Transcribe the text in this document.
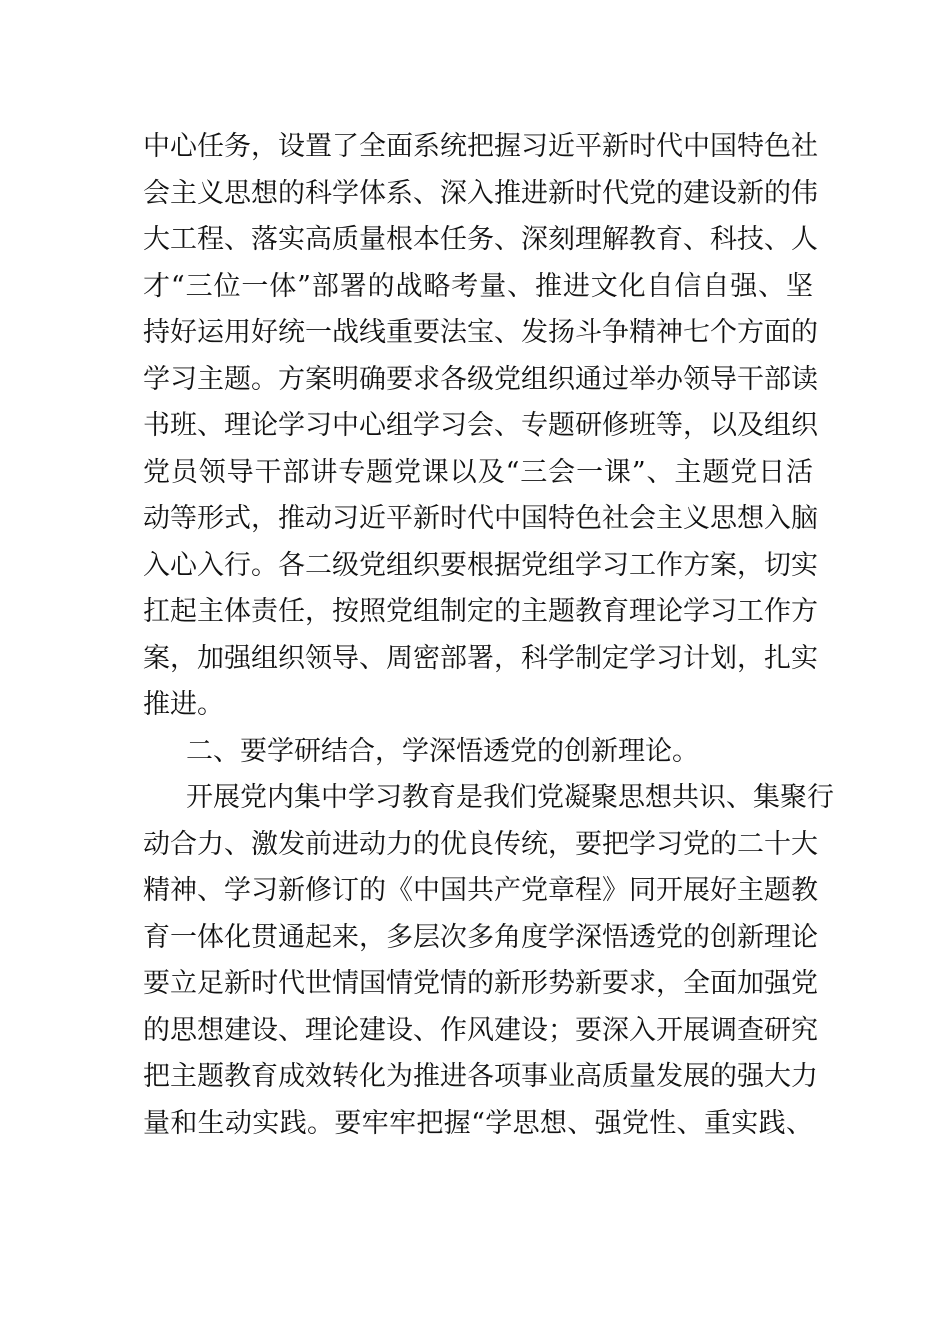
中心任务，设置了全面系统把握习近平新时代中国特色社
会主义思想的科学体系、深入推进新时代党的建设新的伟
大工程、落实高质量根本任务、深刻理解教育、科技、人
才“三位一体”部署的战略考量、推进文化自信自强、坚
持好运用好统一战线重要法宝、发扬斗争精神七个方面的
学习主题。方案明确要求各级党组织通过举办领导干部读
书班、理论学习中心组学习会、专题研修班等，以及组织
党员领导干部讲专题党课以及“三会一课”、主题党日活
动等形式，推动习近平新时代中国特色社会主义思想入脑
入心入行。各二级党组织要根据党组学习工作方案，切实
扛起主体责任，按照党组制定的主题教育理论学习工作方
案，加强组织领导、周密部署，科学制定学习计划，扎实
推进。
二、要学研结合，学深悟透党的创新理论。
开展党内集中学习教育是我们党凝聚思想共识、集聚行
动合力、激发前进动力的优良传统，要把学习党的二十大
精神、学习新修订的《中国共产党章程》同开展好主题教
育一体化贯通起来，多层次多角度学深悟透党的创新理论
要立足新时代世情国情党情的新形势新要求，全面加强党
的思想建设、理论建设、作风建设；要深入开展调查研究
把主题教育成效转化为推进各项事业高质量发展的强大力
量和生动实践。要牢牢把握“学思想、强党性、重实践、
